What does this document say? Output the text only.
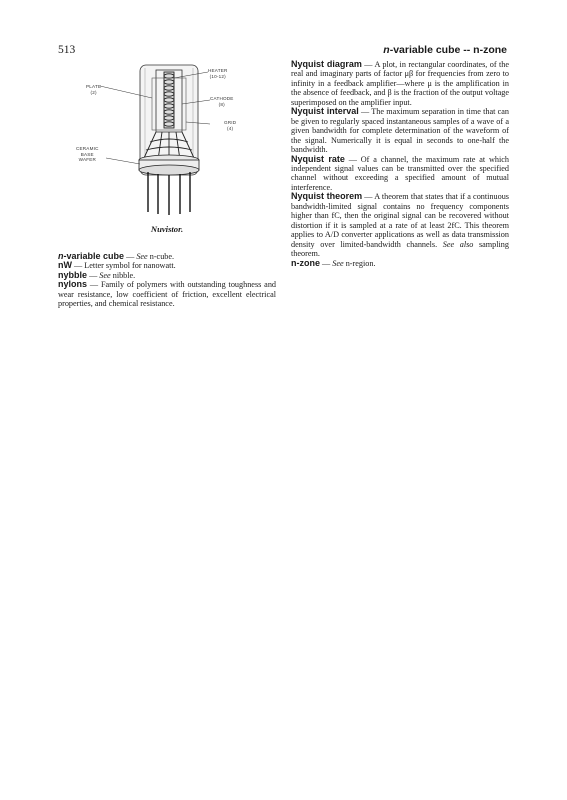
513	n-variable cube -- n-zone
HEATER
(10-12)
PLATE
(2)
CATHODE
(8)
GRID
(4)
CERAMIC
BASE
WAFER
Nuvistor.

n-variable cube — See n-cube.

nW — Letter symbol for nanowatt.

nybble — See nibble.

nylons — Family of polymers with outstanding toughness and wear resistance, low coefficient of friction, excellent electrical properties, and chemical resistance.

Nyquist diagram — A plot, in rectangular coordinates, of the real and imaginary parts of factor μβ for frequencies from zero to infinity in a feedback amplifier—where μ is the amplification in the absence of feedback, and β is the fraction of the output voltage superimposed on the amplifier input.

Nyquist interval — The maximum separation in time that can be given to regularly spaced instantaneous samples of a wave of a given bandwidth for complete determination of the waveform of the signal. Numerically it is equal in seconds to one-half the bandwidth.

Nyquist rate — Of a channel, the maximum rate at which independent signal values can be transmitted over the specified channel without exceeding a specified amount of mutual interference.

Nyquist theorem — A theorem that states that if a continuous bandwidth-limited signal contains no frequency components higher than fC, then the original signal can be recovered without distortion if it is sampled at a rate of at least 2fC. This theorem applies to A/D converter applications as well as data transmission density over limited-bandwidth channels. See also sampling theorem.

n-zone — See n-region.
